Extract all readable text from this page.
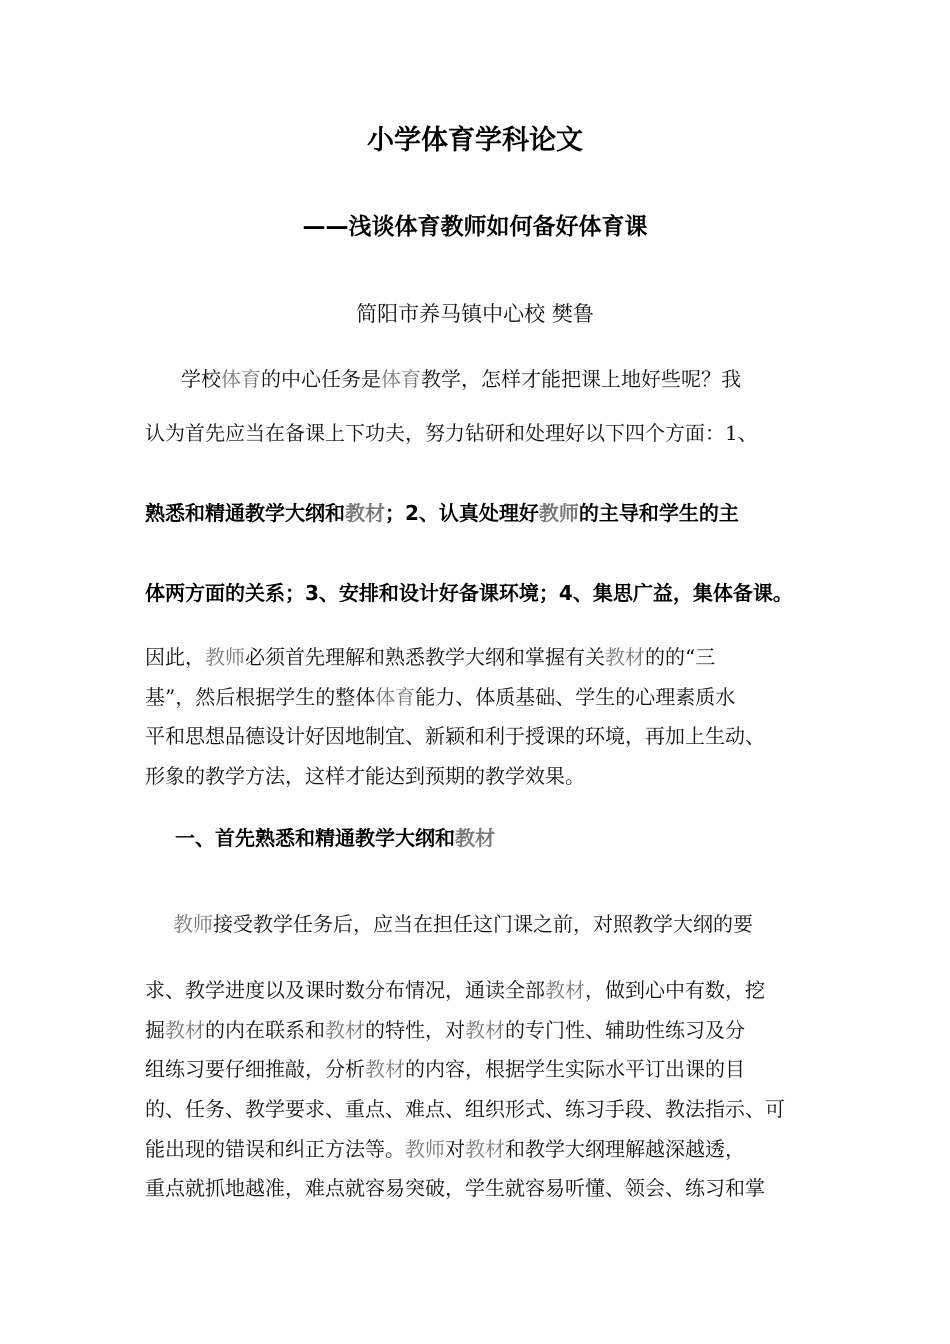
小学体育学科论文
——浅谈体育教师如何备好体育课

简阳市养马镇中心校 樊鲁

学校体育的中心任务是体育教学，怎样才能把课上地好些呢？我

认为首先应当在备课上下功夫，努力钻研和处理好以下四个方面：1、

熟悉和精通教学大纲和教材；2、认真处理好教师的主导和学生的主

体两方面的关系；3、安排和设计好备课环境；4、集思广益，集体备课。

因此，教师必须首先理解和熟悉教学大纲和掌握有关教材的的“三

基”，然后根据学生的整体体育能力、体质基础、学生的心理素质水

平和思想品德设计好因地制宜、新颖和利于授课的环境，再加上生动、

形象的教学方法，这样才能达到预期的教学效果。

一、首先熟悉和精通教学大纲和教材

教师接受教学任务后，应当在担任这门课之前，对照教学大纲的要

求、教学进度以及课时数分布情况，通读全部教材，做到心中有数，挖

掘教材的内在联系和教材的特性，对教材的专门性、辅助性练习及分

组练习要仔细推敲，分析教材的内容，根据学生实际水平订出课的目

的、任务、教学要求、重点、难点、组织形式、练习手段、教法指示、可

能出现的错误和纠正方法等。教师对教材和教学大纲理解越深越透，

重点就抓地越准，难点就容易突破，学生就容易听懂、领会、练习和掌
